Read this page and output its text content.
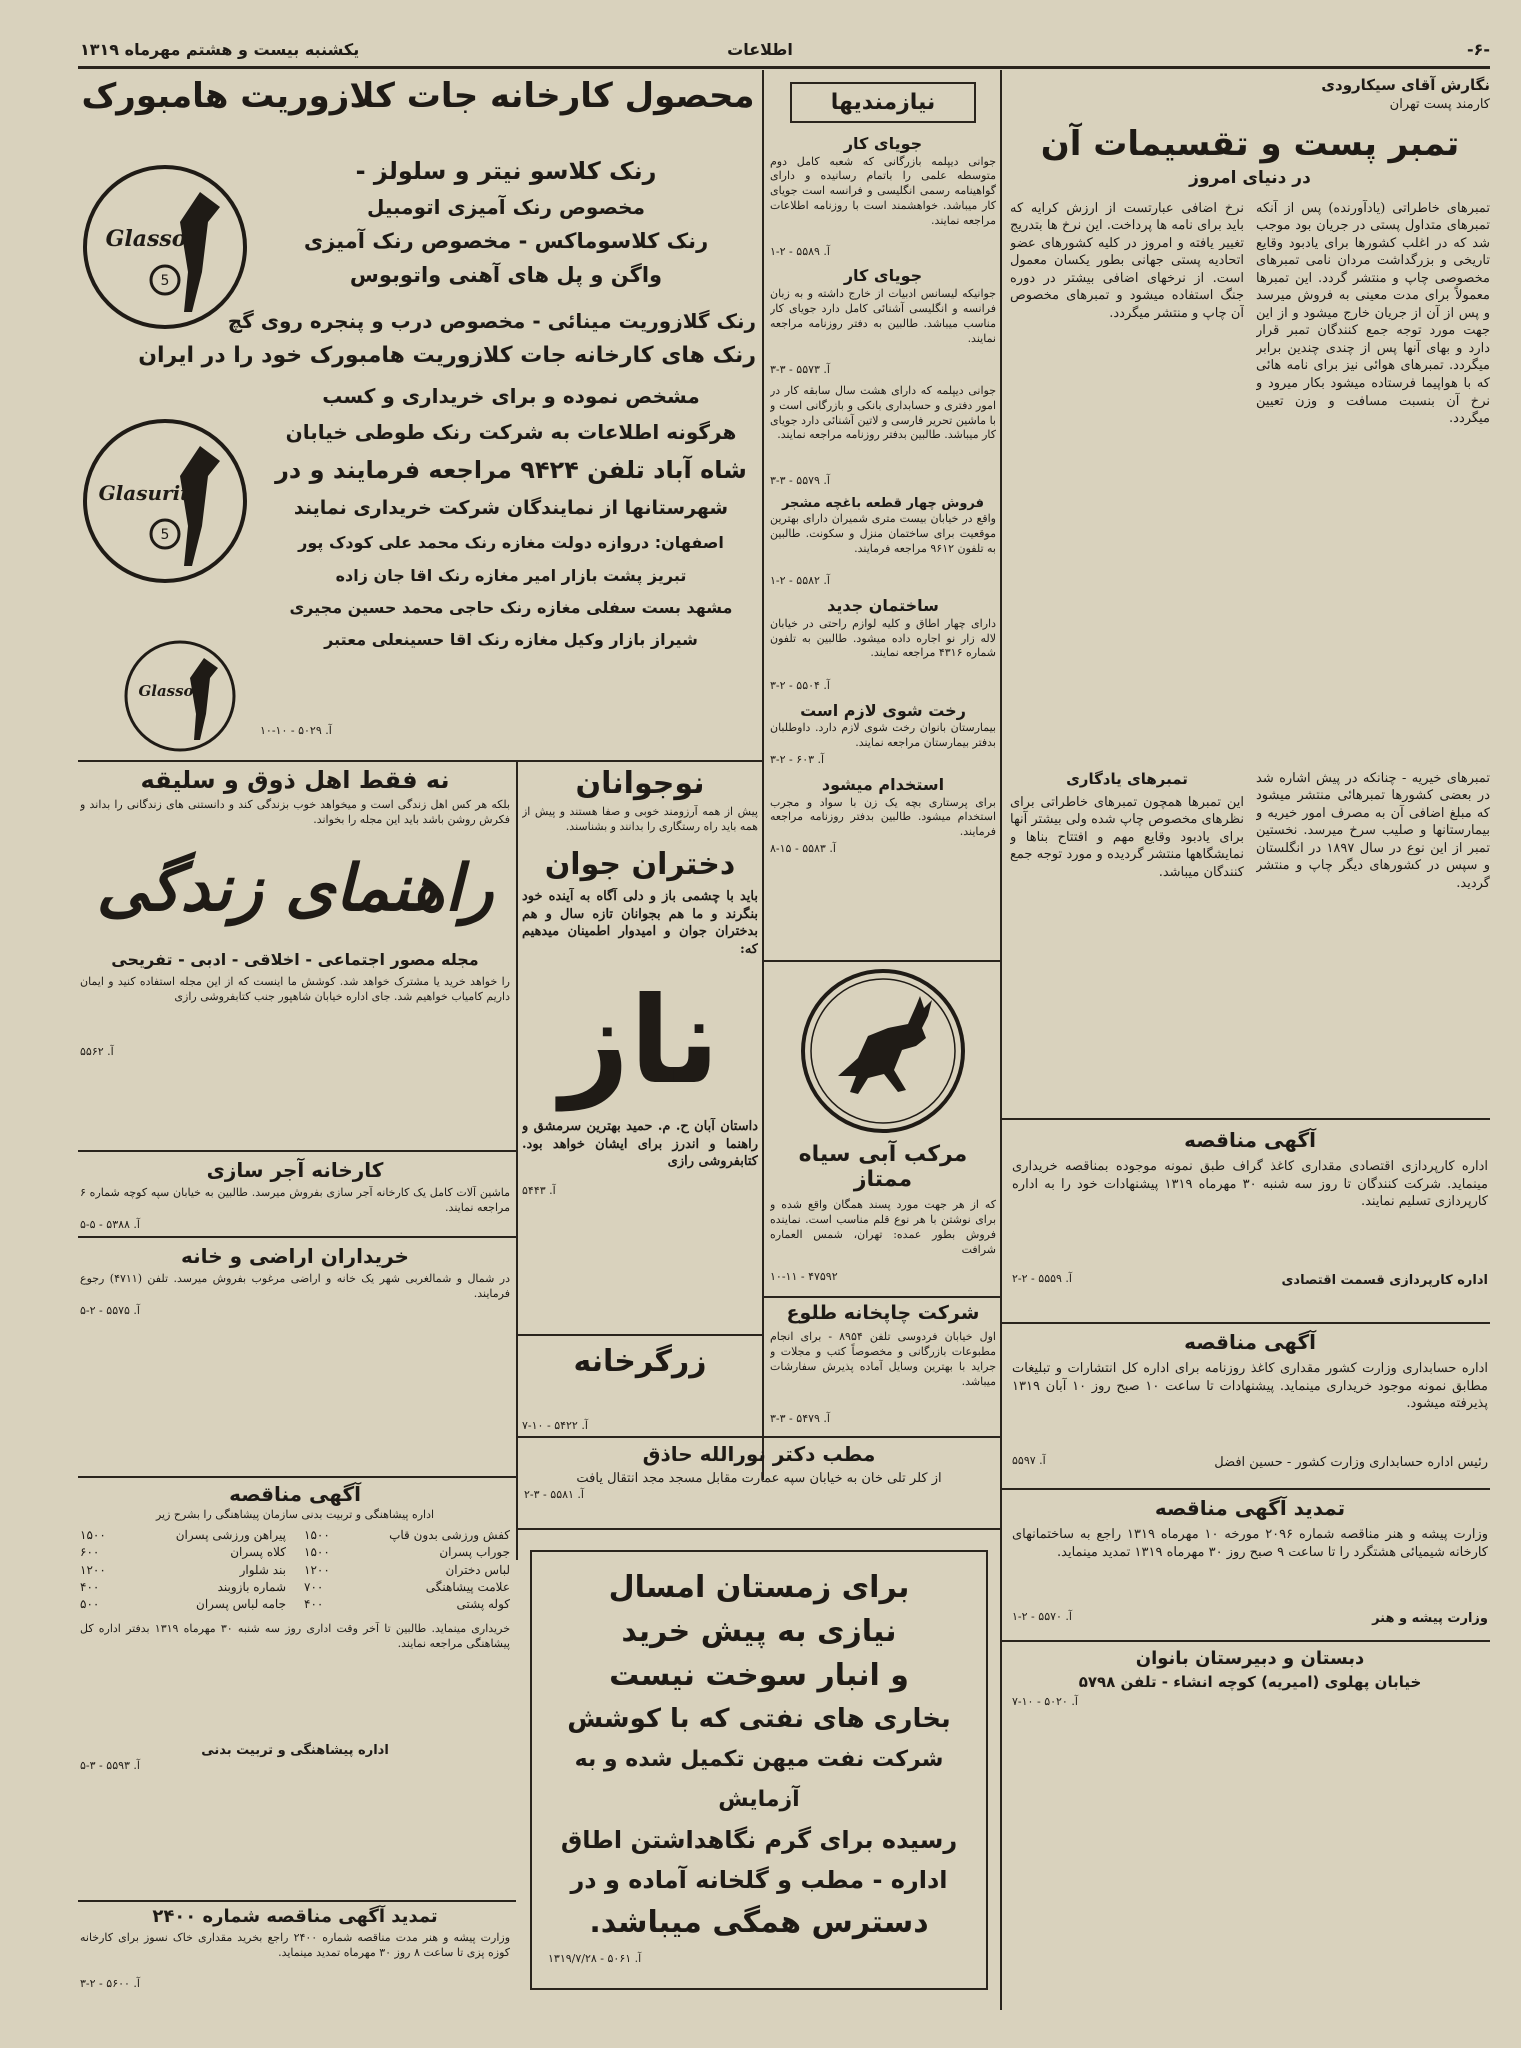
-۶-
اطلاعات
یکشنبه بیست و هشتم مهرماه ۱۳۱۹
نگارش آقای سیکارودی
کارمند پست تهران
تمبر پست و تقسیمات آن
در دنیای امروز
تمبرهای خاطراتی (یادآورنده) پس از آنکه تمبرهای متداول پستی در جریان بود موجب شد که در اغلب کشورها برای یادبود وقایع تاریخی و بزرگداشت مردان نامی تمبرهای مخصوصی چاپ و منتشر گردد. این تمبرها معمولاً برای مدت معینی به فروش میرسد و پس از آن از جریان خارج میشود و از این جهت مورد توجه جمع کنندگان تمبر قرار دارد و بهای آنها پس از چندی چندین برابر میگردد. تمبرهای هوائی نیز برای نامه هائی که با هواپیما فرستاده میشود بکار میرود و نرخ آن بنسبت مسافت و وزن تعیین میگردد.
نرخ اضافی عبارتست از ارزش کرایه که باید برای نامه ها پرداخت. این نرخ ها بتدریج تغییر یافته و امروز در کلیه کشورهای عضو اتحادیه پستی جهانی بطور یکسان معمول است. از نرخهای اضافی بیشتر در دوره جنگ استفاده میشود و تمبرهای مخصوص آن چاپ و منتشر میگردد.
تمبرهای خیریه - چنانکه در پیش اشاره شد در بعضی کشورها تمبرهائی منتشر میشود که مبلغ اضافی آن به مصرف امور خیریه و بیمارستانها و صلیب سرخ میرسد. نخستین تمبر از این نوع در سال ۱۸۹۷ در انگلستان و سپس در کشورهای دیگر چاپ و منتشر گردید.
تمبرهای یادگاری
این تمبرها همچون تمبرهای خاطراتی برای نظرهای مخصوص چاپ شده ولی بیشتر آنها برای یادبود وقایع مهم و افتتاح بناها و نمایشگاهها منتشر گردیده و مورد توجه جمع کنندگان میباشد.
آگهی مناقصه
اداره کارپردازی اقتصادی مقداری کاغذ گراف طبق نمونه موجوده بمناقصه خریداری مینماید. شرکت کنندگان تا روز سه شنبه ۳۰ مهرماه ۱۳۱۹ پیشنهادات خود را به اداره کارپردازی تسلیم نمایند.
اداره کارپردازی قسمت اقتصادی
آ. ۵۵۵۹ - ۲-۲
آگهی مناقصه
اداره حسابداری وزارت کشور مقداری کاغذ روزنامه برای اداره کل انتشارات و تبلیغات مطابق نمونه موجود خریداری مینماید. پیشنهادات تا ساعت ۱۰ صبح روز ۱۰ آبان ۱۳۱۹ پذیرفته میشود.
رئیس اداره حسابداری وزارت کشور - حسین افضل
آ. ۵۵۹۷
تمدید آگهی مناقصه
وزارت پیشه و هنر مناقصه شماره ۲۰۹۶ مورخه ۱۰ مهرماه ۱۳۱۹ راجع به ساختمانهای کارخانه شیمیائی هشتگرد را تا ساعت ۹ صبح روز ۳۰ مهرماه ۱۳۱۹ تمدید مینماید.
وزارت پیشه و هنر
آ. ۵۵۷۰ - ۲-۱
دبستان و دبیرستان بانوان
خیابان پهلوی (امیریه) کوچه انشاء - تلفن ۵۷۹۸
آ. ۵۰۲۰ - ۱۰-۷
نیازمندیها
جویای کار
جوانی دیپلمه بازرگانی که شعبه کامل دوم متوسطه علمی را باتمام رسانیده و دارای گواهینامه رسمی انگلیسی و فرانسه است جویای کار میباشد. خواهشمند است با روزنامه اطلاعات مراجعه نمایند.
آ. ۵۵۸۹ - ۲-۱
جویای کار
جوانیکه لیسانس ادبیات از خارج داشته و به زبان فرانسه و انگلیسی آشنائی کامل دارد جویای کار مناسب میباشد. طالبین به دفتر روزنامه مراجعه نمایند.
آ. ۵۵۷۳ - ۳-۳
جوانی دیپلمه که دارای هشت سال سابقه کار در امور دفتری و حسابداری بانکی و بازرگانی است و با ماشین تحریر فارسی و لاتین آشنائی دارد جویای کار میباشد. طالبین بدفتر روزنامه مراجعه نمایند.
آ. ۵۵۷۹ - ۳-۳
فروش چهار قطعه باغچه مشجر
واقع در خیابان بیست متری شمیران دارای بهترین موقعیت برای ساختمان منزل و سکونت. طالبین به تلفون ۹۶۱۲ مراجعه فرمایند.
آ. ۵۵۸۲ - ۲-۱
ساختمان جدید
دارای چهار اطاق و کلیه لوازم راحتی در خیابان لاله زار نو اجاره داده میشود. طالبین به تلفون شماره ۴۳۱۶ مراجعه نمایند.
آ. ۵۵۰۴ - ۲-۳
رخت شوی لازم است
بیمارستان بانوان رخت شوی لازم دارد. داوطلبان بدفتر بیمارستان مراجعه نمایند.
آ. ۶۰۳ - ۲-۳
استخدام میشود
برای پرستاری بچه یک زن با سواد و مجرب استخدام میشود. طالبین بدفتر روزنامه مراجعه فرمایند.
آ. ۵۵۸۳ - ۱۵-۸
مرکب آبی سیاه ممتاز
که از هر جهت مورد پسند همگان واقع شده و برای نوشتن با هر نوع قلم مناسب است. نماینده فروش بطور عمده: تهران، شمس العماره شرافت
۴۷۵۹۲ - ۱۰-۱۱
شرکت چاپخانه طلوع
اول خیابان فردوسی تلفن ۸۹۵۴ - برای انجام مطبوعات بازرگانی و مخصوصاً کتب و مجلات و جراید با بهترین وسایل آماده پذیرش سفارشات میباشد.
آ. ۵۴۷۹ - ۳-۳
محصول کارخانه جات کلازوریت هامبورک
5
Glasso
5
Glasurit
Glasso
رنک کلاسو نیتر و سلولز -
مخصوص رنک آمیزی اتومبیل
رنک کلاسوماکس - مخصوص رنک آمیزی
واگن و پل های آهنی واتوبوس
رنک گلازوریت مینائی - مخصوص درب و پنجره روی گچ
رنک های کارخانه جات کلازوریت هامبورک خود را در ایران
مشخص نموده و برای خریداری و کسب
هرگونه اطلاعات به شرکت رنک طوطی خیابان
شاه آباد تلفن ۹۴۲۴ مراجعه فرمایند و در
شهرستانها از نمایندگان شرکت خریداری نمایند
اصفهان: دروازه دولت مغازه رنک محمد علی کودک پور
تبریز پشت بازار امیر مغازه رنک اقا جان زاده
مشهد بست سفلی مغازه رنک حاجی محمد حسین مجیری
شیراز بازار وکیل مغازه رنک اقا حسینعلی معتبر
آ. ۵۰۲۹ - ۱۰-۱۰
نه فقط اهل ذوق و سلیقه
بلکه هر کس اهل زندگی است و میخواهد خوب بزندگی کند و دانستنی های زندگانی را بداند و فکرش روشن باشد باید این مجله را بخواند.
راهنمای زندگی
مجله مصور اجتماعی - اخلاقی - ادبی - تفریحی
را خواهد خرید یا مشترک خواهد شد. کوشش ما اینست که از این مجله استفاده کنید و ایمان داریم کامیاب خواهیم شد. جای اداره خیابان شاهپور جنب کتابفروشی رازی
آ. ۵۵۶۲
کارخانه آجر سازی
ماشین آلات کامل یک کارخانه آجر سازی بفروش میرسد. طالبین به خیابان سپه کوچه شماره ۶ مراجعه نمایند.
آ. ۵۳۸۸ - ۵-۵
خریداران اراضی و خانه
در شمال و شمالغربی شهر یک خانه و اراضی مرغوب بفروش میرسد. تلفن (۴۷۱۱) رجوع فرمایند.
آ. ۵۵۷۵ - ۲-۵
آگهی مناقصه
اداره پیشاهنگی و تربیت بدنی سازمان پیشاهنگی را بشرح زیر
کفش ورزشی بدون قاپ
۱۵۰۰
پیراهن ورزشی پسران
۱۵۰۰
جوراب پسران
۱۵۰۰
کلاه پسران
۶۰۰
لباس دختران
۱۲۰۰
بند شلوار
۱۲۰۰
علامت پیشاهنگی
۷۰۰
شماره بازوبند
۴۰۰
کوله پشتی
۴۰۰
جامه لباس پسران
۵۰۰
خریداری مینماید. طالبین تا آخر وقت اداری روز سه شنبه ۳۰ مهرماه ۱۳۱۹ بدفتر اداره کل پیشاهنگی مراجعه نمایند.
اداره پیشاهنگی و تربیت بدنی
آ. ۵۵۹۳ - ۳-۵
تمدید آگهی مناقصه شماره ۲۴۰۰
وزارت پیشه و هنر مدت مناقصه شماره ۲۴۰۰ راجع بخرید مقداری خاک نسوز برای کارخانه کوزه پزی تا ساعت ۸ روز ۳۰ مهرماه تمدید مینماید.
آ. ۵۶۰۰ - ۲-۳
نوجوانان
پیش از همه آرزومند خوبی و صفا هستند و پیش از همه باید راه رستگاری را بدانند و بشناسند.
دختران جوان
باید با چشمی باز و دلی آگاه به آینده خود بنگرند و ما هم بجوانان تازه سال و هم بدختران جوان و امیدوار اطمینان میدهیم که:
ناز
داستان آبان ح. م. حمید بهترین سرمشق و راهنما و اندرز برای ایشان خواهد بود. کتابفروشی رازی
آ. ۵۴۴۳
زرگرخانه
آ. ۵۴۲۲ - ۱۰-۷
مطب دکتر نورالله حاذق
از کلر تلی خان به خیابان سپه عمارت مقابل مسجد مجد انتقال یافت
آ. ۵۵۸۱ - ۳-۲
برای زمستان امسال
نیازی به پیش خرید
و انبار سوخت نیست
بخاری های نفتی که با کوشش
شرکت نفت میهن تکمیل شده و به آزمایش
رسیده برای گرم نگاهداشتن اطاق
اداره - مطب و گلخانه آماده و در
دسترس همگی میباشد.
آ. ۵۰۶۱ - ۱۳۱۹/۷/۲۸
